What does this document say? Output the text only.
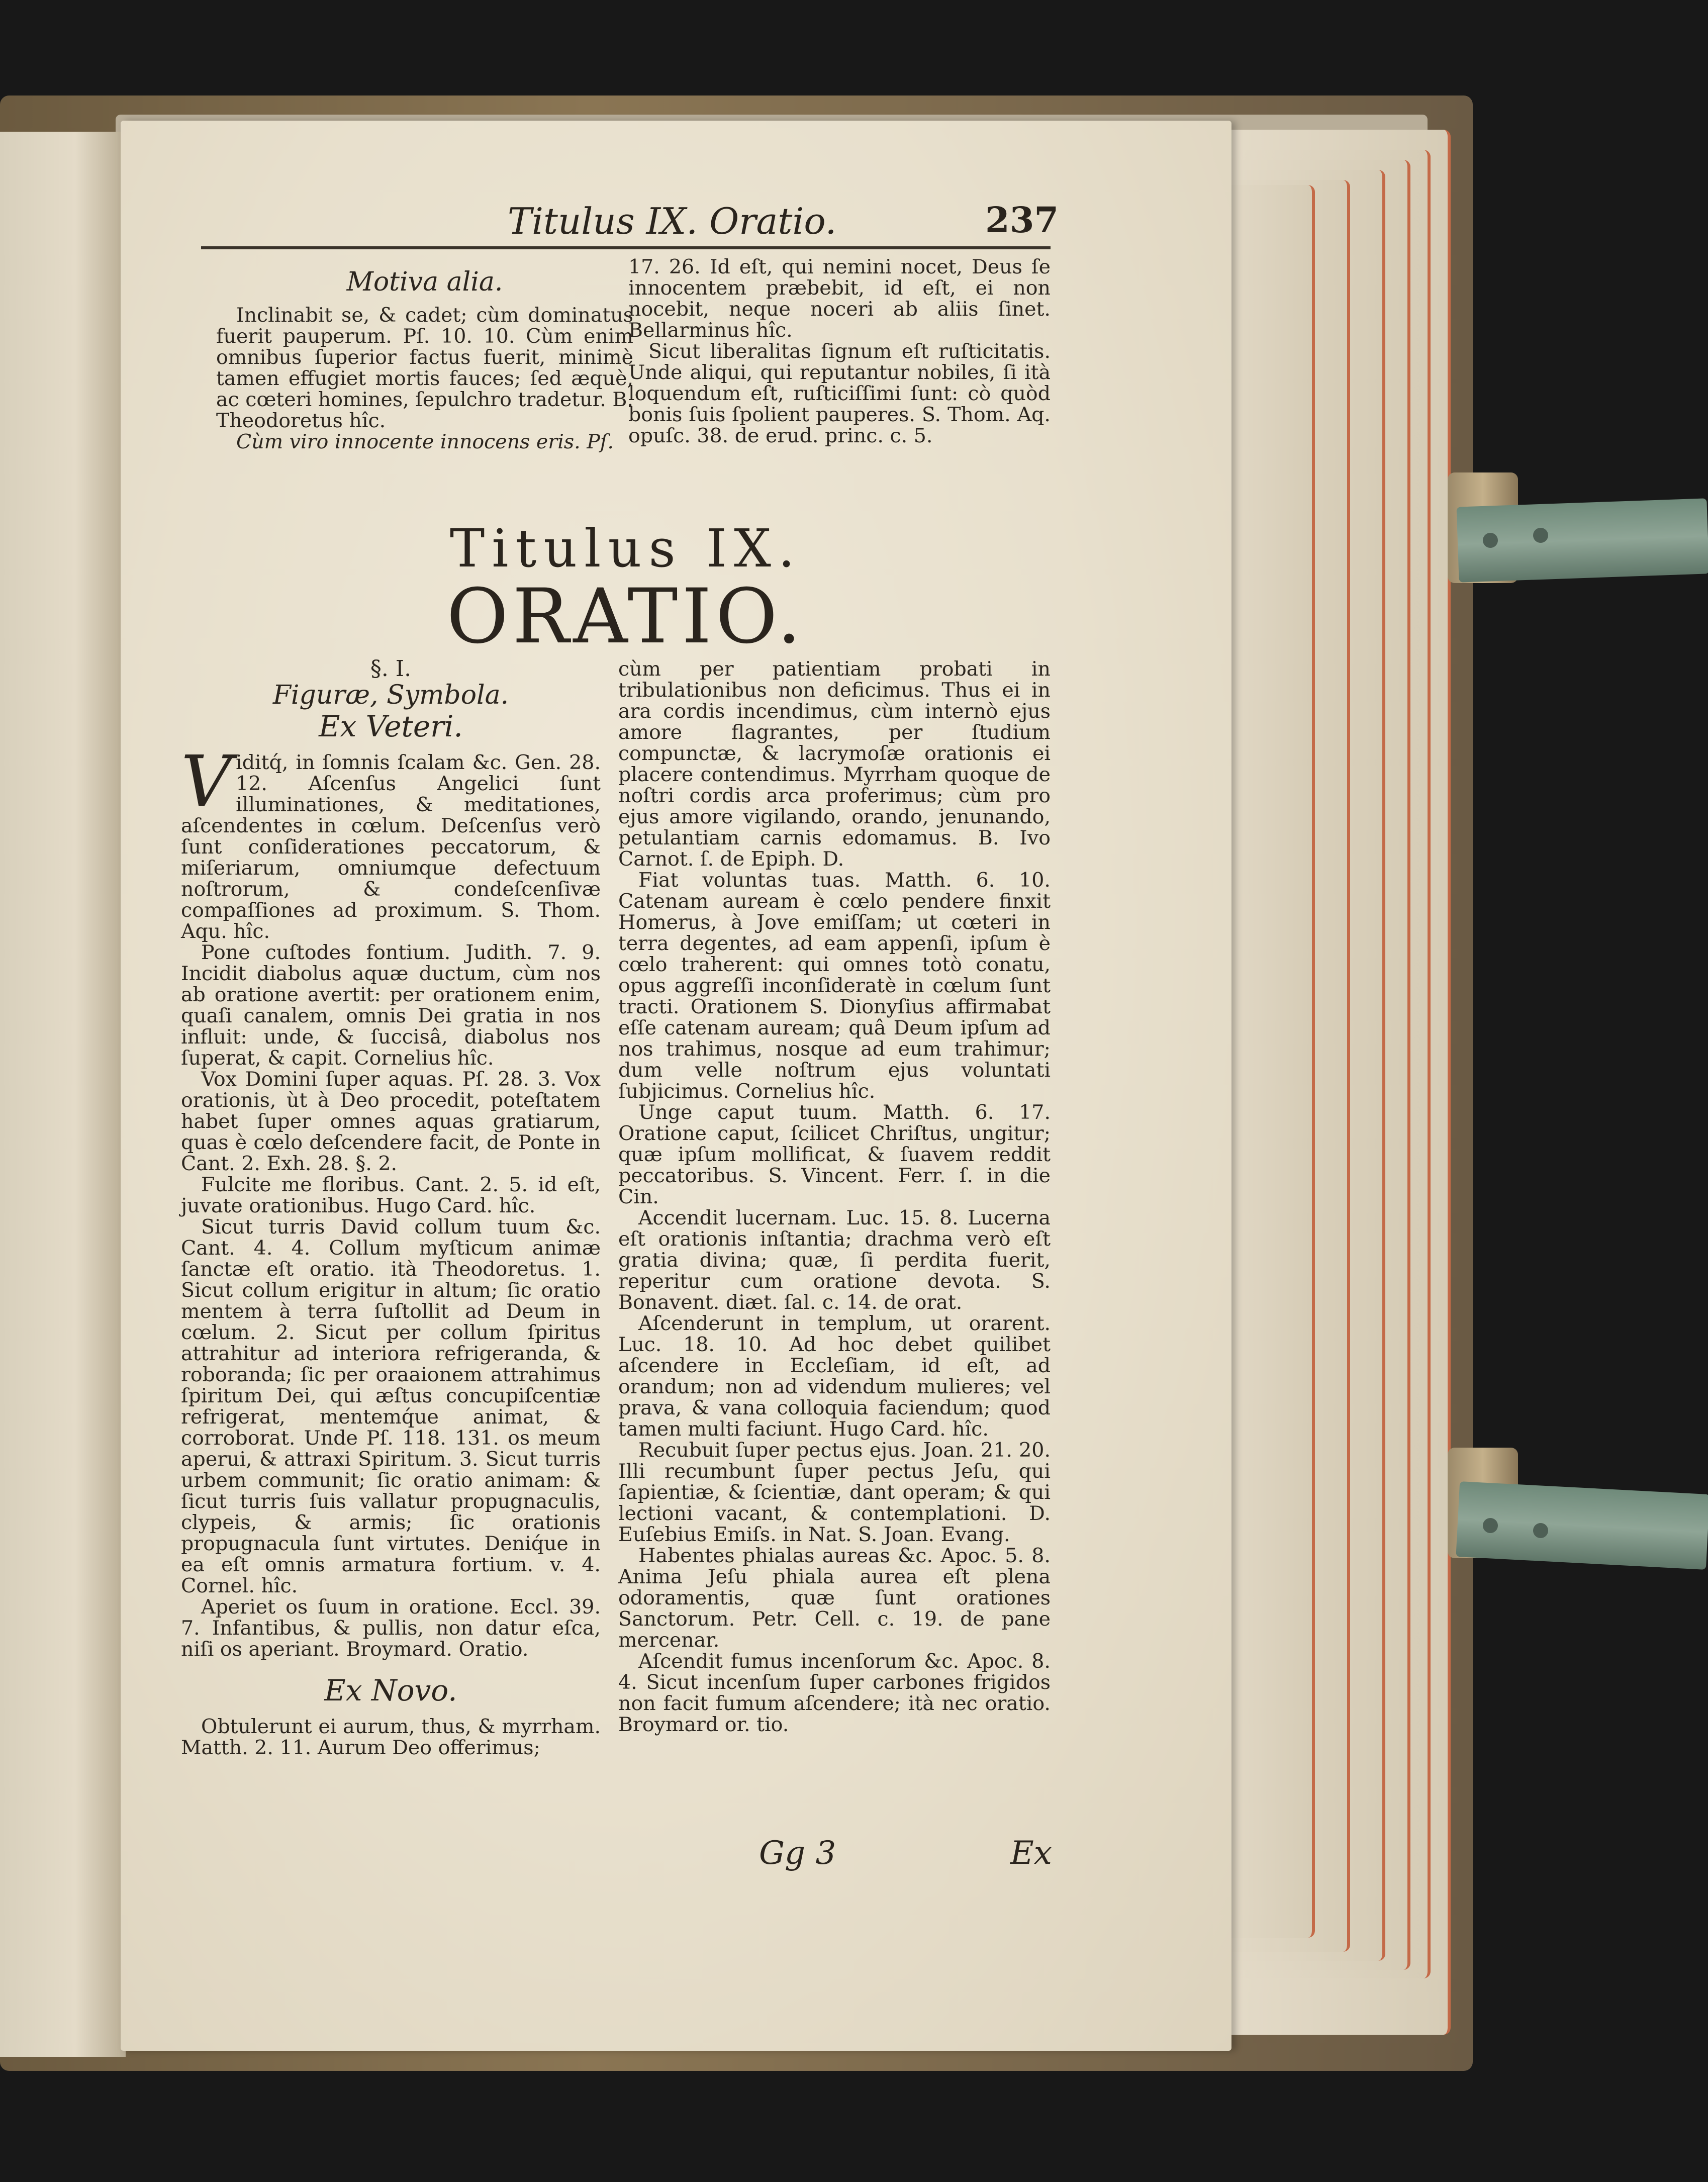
Titulus IX. Oratio.	237
Motiva alia.

Inclinabit se, & cadet; cùm dominatus fuerit pauperum. Pſ. 10. 10. Cùm enim omnibus ſuperior factus fuerit, minimè tamen effugiet mortis fauces; ſed æquè, ac cœteri homines, ſepulchro tradetur. B. Theodoretus hîc.

Cùm viro innocente innocens eris. Pſ.

17. 26. Id eſt, qui nemini nocet, Deus ſe innocentem præbebit, id eſt, ei non nocebit, neque noceri ab aliis ſinet. Bellarminus hîc.

Sicut liberalitas ſignum eſt ruſticitatis. Unde aliqui, qui reputantur nobiles, ſi ità loquendum eſt, ruſticiſſimi ſunt: cò quòd bonis ſuis ſpolient pauperes. S. Thom. Aq. opuſc. 38. de erud. princ. c. 5.

Titulus IX.
ORATIO.
§. I.
Figuræ, Symbola.
Ex Veteri.

Viditq́, in ſomnis ſcalam &c. Gen. 28. 12. Aſcenſus Angelici ſunt illuminationes, & meditationes, aſcendentes in cœlum. Deſcenſus verò ſunt conſiderationes peccatorum, & miſeriarum, omniumque defectuum noſtrorum, & condeſcenſivæ compaſſiones ad proximum. S. Thom. Aqu. hîc.

Pone cuſtodes fontium. Judith. 7. 9. Incidit diabolus aquæ ductum, cùm nos ab oratione avertit: per orationem enim, quaſi canalem, omnis Dei gratia in nos influit: unde, & ſuccisâ, diabolus nos ſuperat, & capit. Cornelius hîc.

Vox Domini ſuper aquas. Pſ. 28. 3. Vox orationis, ùt à Deo procedit, poteſtatem habet ſuper omnes aquas gratiarum, quas è cœlo deſcendere facit, de Ponte in Cant. 2. Exh. 28. §. 2.

Fulcite me floribus. Cant. 2. 5. id eſt, juvate orationibus. Hugo Card. hîc.

Sicut turris David collum tuum &c. Cant. 4. 4. Collum myſticum animæ ſanctæ eſt oratio. ità Theodoretus. 1. Sicut collum erigitur in altum; ſic oratio mentem à terra ſuſtollit ad Deum in cœlum. 2. Sicut per collum ſpiritus attrahitur ad interiora refrigeranda, & roboranda; ſic per oraaionem attrahimus ſpiritum Dei, qui æſtus concupiſcentiæ refrigerat, mentemq́ue animat, & corroborat. Unde Pſ. 118. 131. os meum aperui, & attraxi Spiritum. 3. Sicut turris urbem communit; ſic oratio animam: & ſicut turris ſuis vallatur propugnaculis, clypeis, & armis; ſic orationis propugnacula ſunt virtutes. Deniq́ue in ea eſt omnis armatura fortium. v. 4. Cornel. hîc.

Aperiet os ſuum in oratione. Eccl. 39. 7. Infantibus, & pullis, non datur eſca, niſi os aperiant. Broymard. Oratio.

Ex Novo.

Obtulerunt ei aurum, thus, & myrrham. Matth. 2. 11. Aurum Deo offerimus;

cùm per patientiam probati in tribulationibus non deficimus. Thus ei in ara cordis incendimus, cùm internò ejus amore flagrantes, per ſtudium compunctæ, & lacrymoſæ orationis ei placere contendimus. Myrrham quoque de noſtri cordis arca proferimus; cùm pro ejus amore vigilando, orando, jenunando, petulantiam carnis edomamus. B. Ivo Carnot. ſ. de Epiph. D.

Fiat voluntas tuas. Matth. 6. 10. Catenam auream è cœlo pendere finxit Homerus, à Jove emiſſam; ut cœteri in terra degentes, ad eam appenſi, ipſum è cœlo traherent: qui omnes totò conatu, opus aggreſſi inconſideratè in cœlum ſunt tracti. Orationem S. Dionyſius affirmabat eſſe catenam auream; quâ Deum ipſum ad nos trahimus, nosque ad eum trahimur; dum velle noſtrum ejus voluntati ſubjicimus. Cornelius hîc.

Unge caput tuum. Matth. 6. 17. Oratione caput, ſcilicet Chriſtus, ungitur; quæ ipſum mollificat, & ſuavem reddit peccatoribus. S. Vincent. Ferr. ſ. in die Cin.

Accendit lucernam. Luc. 15. 8. Lucerna eſt orationis inſtantia; drachma verò eſt gratia divina; quæ, ſi perdita fuerit, reperitur cum oratione devota. S. Bonavent. diæt. ſal. c. 14. de orat.

Aſcenderunt in templum, ut orarent. Luc. 18. 10. Ad hoc debet quilibet aſcendere in Eccleſiam, id eſt, ad orandum; non ad videndum mulieres; vel prava, & vana colloquia faciendum; quod tamen multi faciunt. Hugo Card. hîc.

Recubuit ſuper pectus ejus. Joan. 21. 20. Illi recumbunt ſuper pectus Jeſu, qui ſapientiæ, & ſcientiæ, dant operam; & qui lectioni vacant, & contemplationi. D. Euſebius Emiſs. in Nat. S. Joan. Evang.

Habentes phialas aureas &c. Apoc. 5. 8. Anima Jeſu phiala aurea eſt plena odoramentis, quæ ſunt orationes Sanctorum. Petr. Cell. c. 19. de pane mercenar.

Aſcendit fumus incenſorum &c. Apoc. 8. 4. Sicut incenſum ſuper carbones frigidos non facit fumum aſcendere; ità nec oratio. Broymard or. tio.

Gg 3	Ex
